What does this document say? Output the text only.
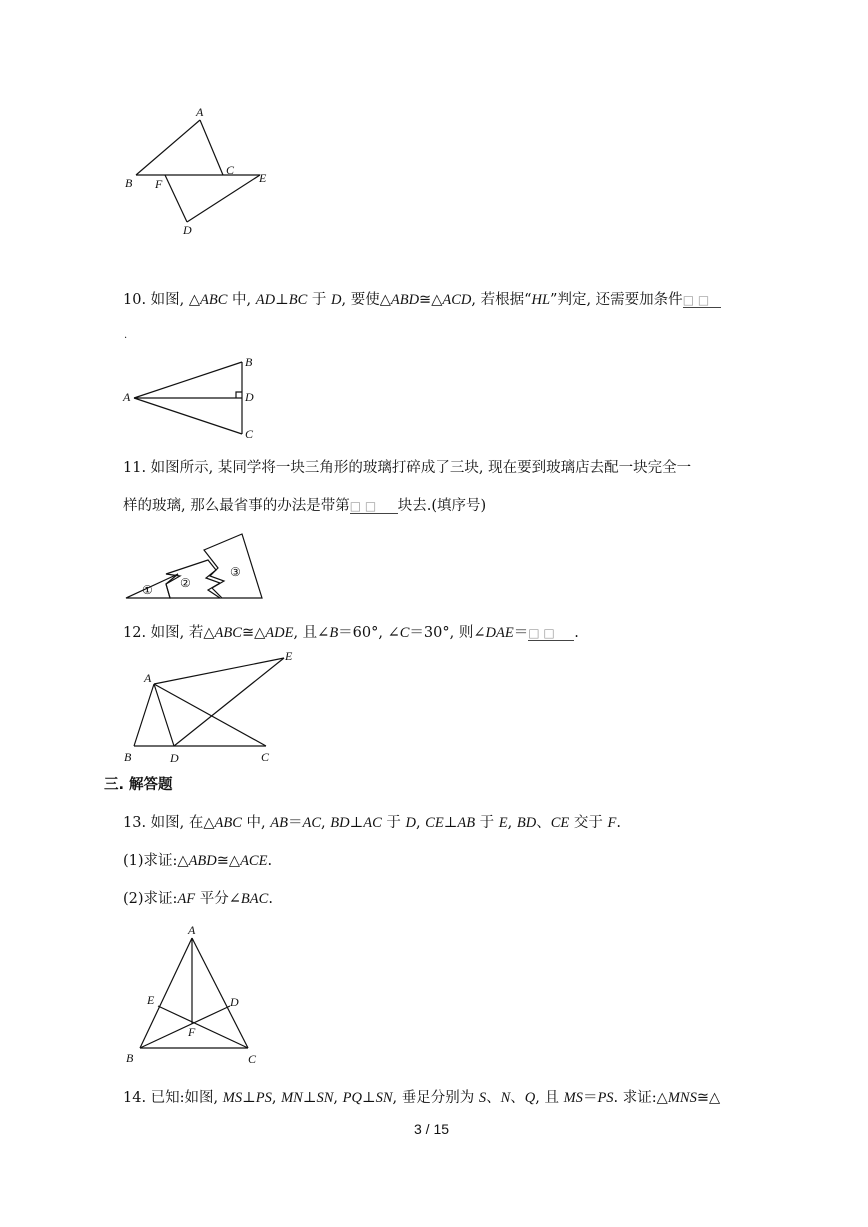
A
B
C
D
E
F
10. 如图, △ABC 中, AD⊥BC 于 D, 要使△ABD≅△ACD, 若根据“HL”判定, 还需要加条件□ □
.
A
B
C
D
11. 如图所示, 某同学将一块三角形的玻璃打碎成了三块, 现在要到玻璃店去配一块完全一
样的玻璃, 那么最省事的办法是带第□ □ 块去.(填序号)
① ②
③
12. 如图, 若△ABC≅△ADE, 且∠B＝60°, ∠C＝30°, 则∠DAE＝□ □ .
A
B	C
D
E
三. 解答题
13. 如图, 在△ABC 中, AB＝AC, BD⊥AC 于 D, CE⊥AB 于 E, BD、CE 交于 F.
(1)求证:△ABD≅△ACE.
(2)求证:AF 平分∠BAC.
A
B	C
D
E
F
14. 已知:如图, MS⊥PS, MN⊥SN, PQ⊥SN, 垂足分别为 S、N、Q, 且 MS＝PS. 求证:△MNS≅△
3 / 15
